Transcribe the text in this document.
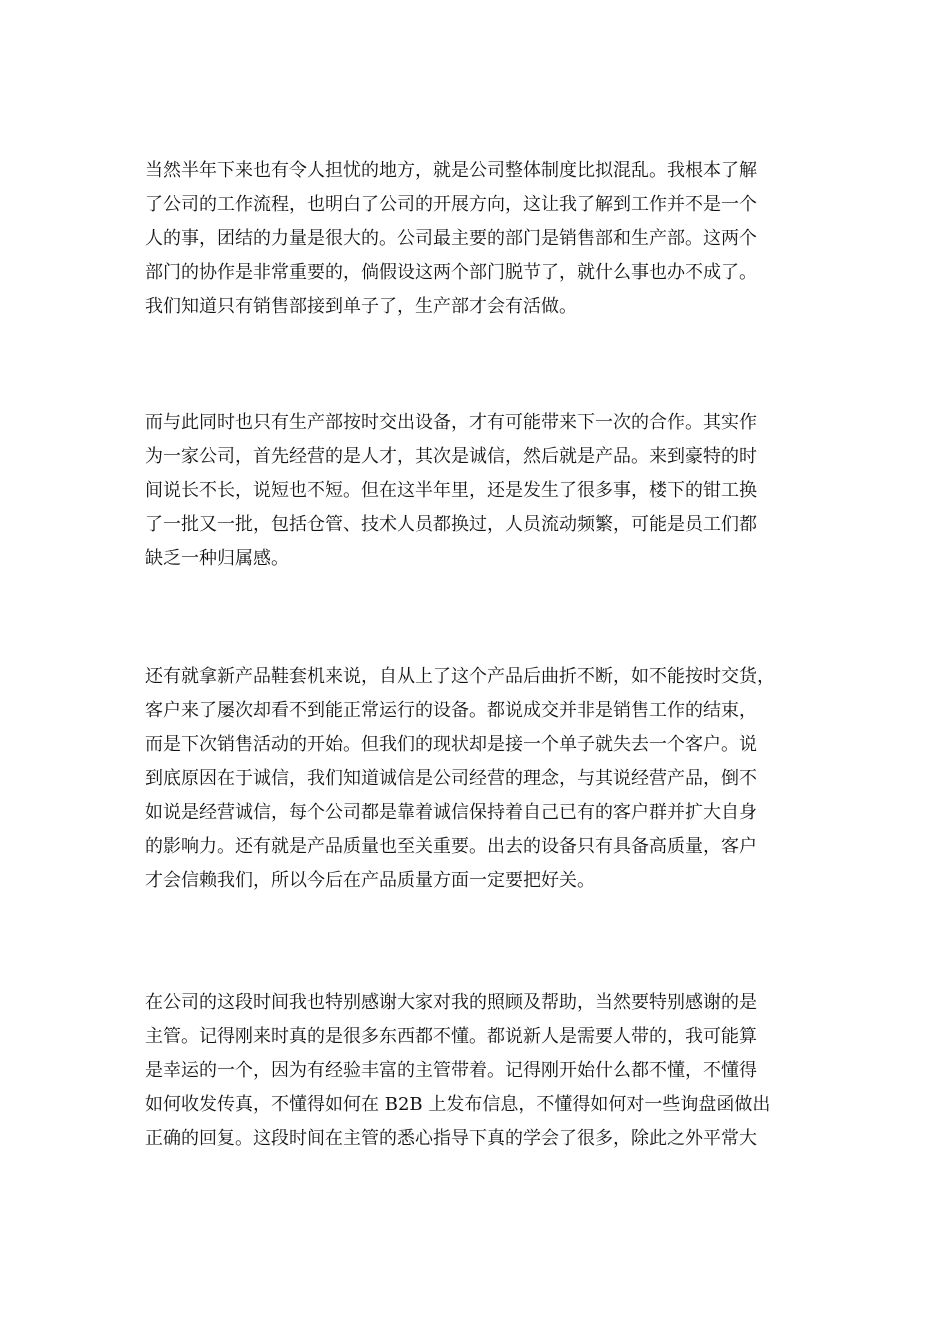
当然半年下来也有令人担忧的地方，就是公司整体制度比拟混乱。我根本了解
了公司的工作流程，也明白了公司的开展方向，这让我了解到工作并不是一个
人的事，团结的力量是很大的。公司最主要的部门是销售部和生产部。这两个
部门的协作是非常重要的，倘假设这两个部门脱节了，就什么事也办不成了。
我们知道只有销售部接到单子了，生产部才会有活做。
而与此同时也只有生产部按时交出设备，才有可能带来下一次的合作。其实作
为一家公司，首先经营的是人才，其次是诚信，然后就是产品。来到豪特的时
间说长不长，说短也不短。但在这半年里，还是发生了很多事，楼下的钳工换
了一批又一批，包括仓管、技术人员都换过，人员流动频繁，可能是员工们都
缺乏一种归属感。
还有就拿新产品鞋套机来说，自从上了这个产品后曲折不断，如不能按时交货，
客户来了屡次却看不到能正常运行的设备。都说成交并非是销售工作的结束，
而是下次销售活动的开始。但我们的现状却是接一个单子就失去一个客户。说
到底原因在于诚信，我们知道诚信是公司经营的理念，与其说经营产品，倒不
如说是经营诚信，每个公司都是靠着诚信保持着自己已有的客户群并扩大自身
的影响力。还有就是产品质量也至关重要。出去的设备只有具备高质量，客户
才会信赖我们，所以今后在产品质量方面一定要把好关。
在公司的这段时间我也特别感谢大家对我的照顾及帮助，当然要特别感谢的是
主管。记得刚来时真的是很多东西都不懂。都说新人是需要人带的，我可能算
是幸运的一个，因为有经验丰富的主管带着。记得刚开始什么都不懂，不懂得
如何收发传真，不懂得如何在 B2B 上发布信息，不懂得如何对一些询盘函做出
正确的回复。这段时间在主管的悉心指导下真的学会了很多，除此之外平常大
